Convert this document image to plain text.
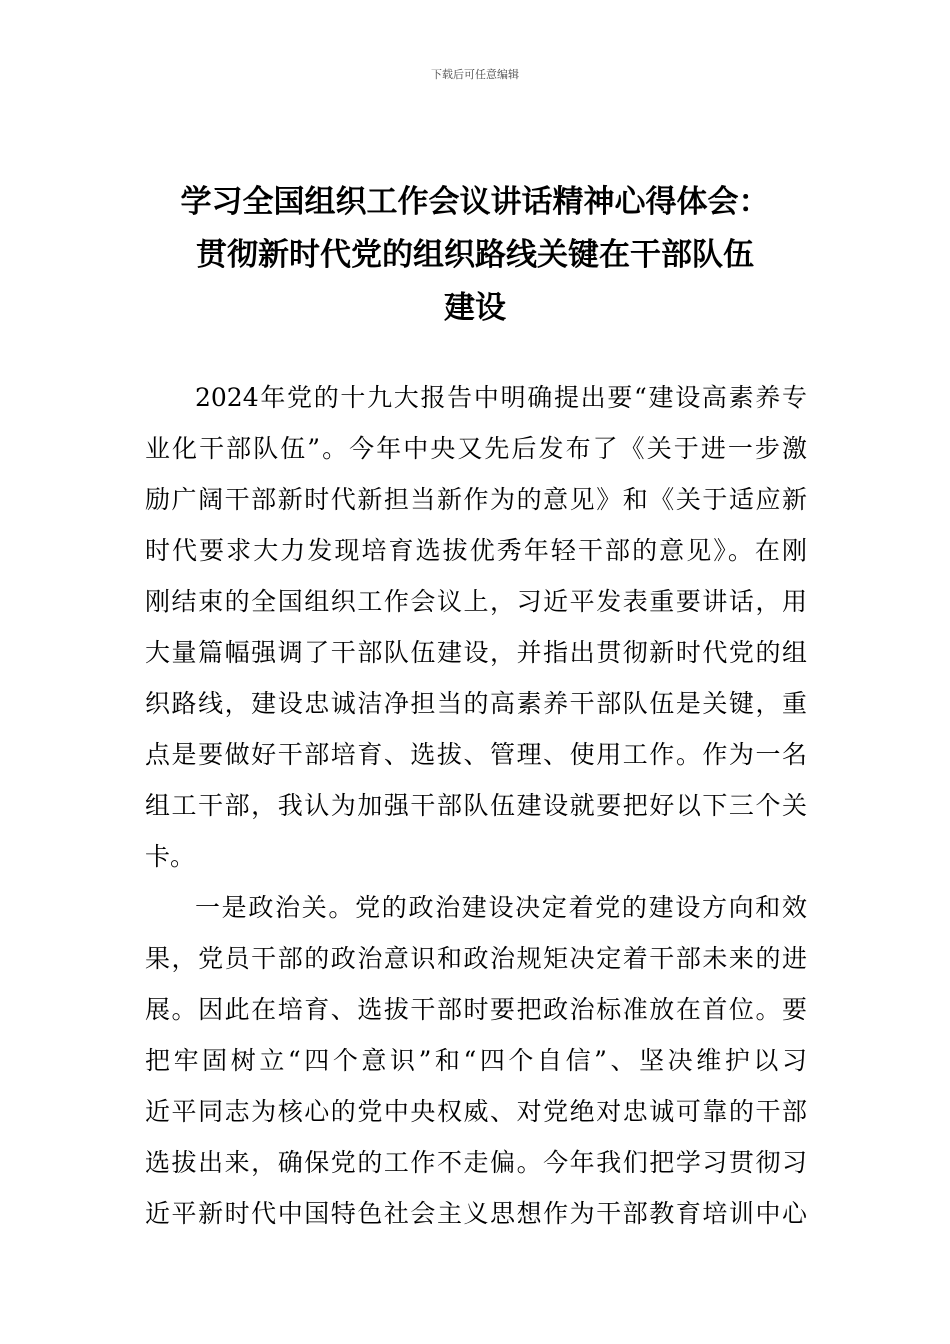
下载后可任意编辑
学习全国组织工作会议讲话精神心得体会：
贯彻新时代党的组织路线关键在干部队伍
建设

2024年党的十九大报告中明确提出要“建设高素养专
业化干部队伍”。今年中央又先后发布了《关于进一步激
励广阔干部新时代新担当新作为的意见》和《关于适应新
时代要求大力发现培育选拔优秀年轻干部的意见》。在刚
刚结束的全国组织工作会议上，习近平发表重要讲话，用
大量篇幅强调了干部队伍建设，并指出贯彻新时代党的组
织路线，建设忠诚洁净担当的高素养干部队伍是关键，重
点是要做好干部培育、选拔、管理、使用工作。作为一名
组工干部，我认为加强干部队伍建设就要把好以下三个关
卡。

一是政治关。党的政治建设决定着党的建设方向和效
果，党员干部的政治意识和政治规矩决定着干部未来的进
展。因此在培育、选拔干部时要把政治标准放在首位。要
把牢固树立“四个意识”和“四个自信”、坚决维护以习
近平同志为核心的党中央权威、对党绝对忠诚可靠的干部
选拔出来，确保党的工作不走偏。今年我们把学习贯彻习
近平新时代中国特色社会主义思想作为干部教育培训中心
